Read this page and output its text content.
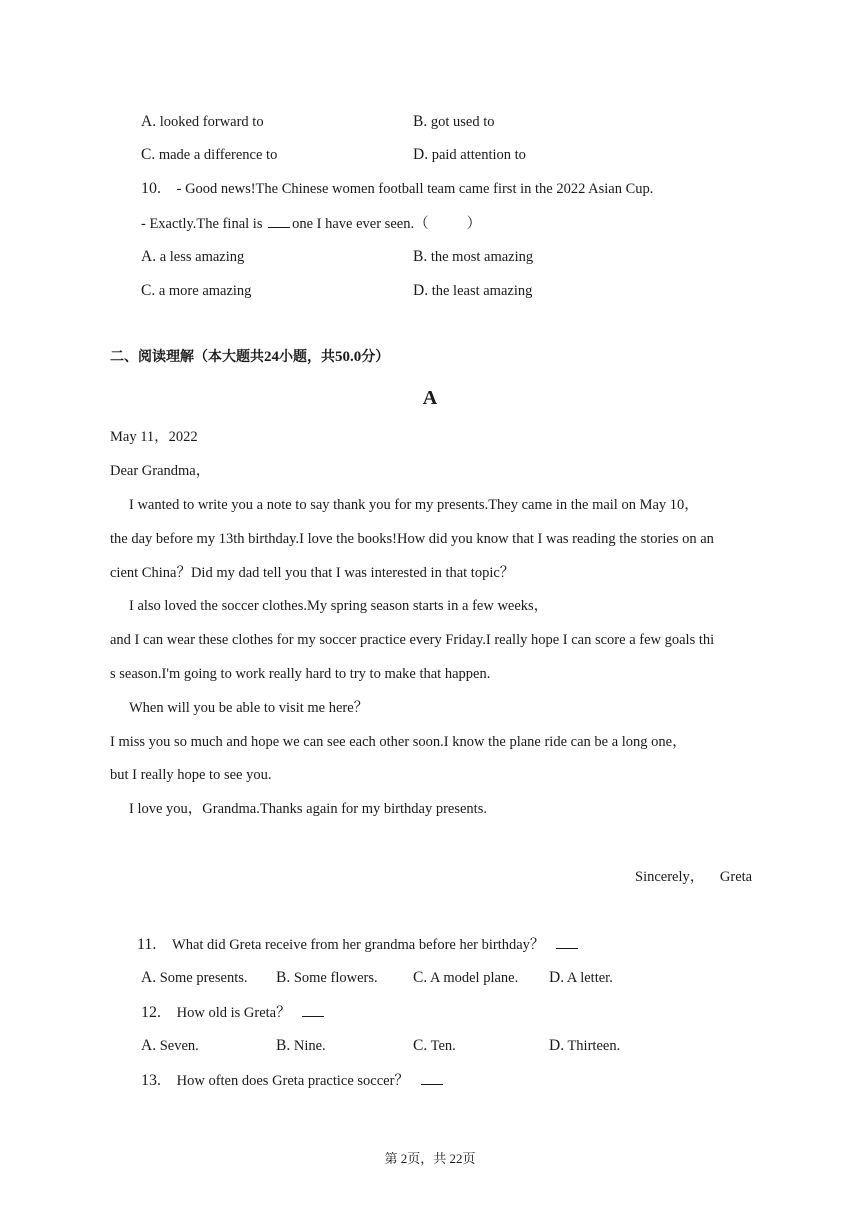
A. looked forward to	B. got used to
C. made a difference to	D. paid attention to
10. - Good news!The Chinese women football team came first in the 2022 Asian Cup.
- Exactly.The final is one I have ever seen.（	）
A. a less amazing	B. the most amazing
C. a more amazing	D. the least amazing
二、阅读理解（本大题共24小题，共50.0分）
A
May 11，2022
Dear Grandma，
I wanted to write you a note to say thank you for my presents.They came in the mail on May 10，
the day before my 13th birthday.I love the books!How did you know that I was reading the stories on an
cient China？Did my dad tell you that I was interested in that topic？
I also loved the soccer clothes.My spring season starts in a few weeks，
and I can wear these clothes for my soccer practice every Friday.I really hope I can score a few goals thi
s season.I'm going to work really hard to try to make that happen.
When will you be able to visit me here？
I miss you so much and hope we can see each other soon.I know the plane ride can be a long one，
but I really hope to see you.
I love you，Grandma.Thanks again for my birthday presents.
Sincerely， Greta
11. What did Greta receive from her grandma before her birthday？
A. Some presents. B. Some flowers. C. A model plane. D. A letter.
12. How old is Greta？
A. Seven.	B. Nine.	C. Ten.	D. Thirteen.
13. How often does Greta practice soccer？
第 2页，共 22页
